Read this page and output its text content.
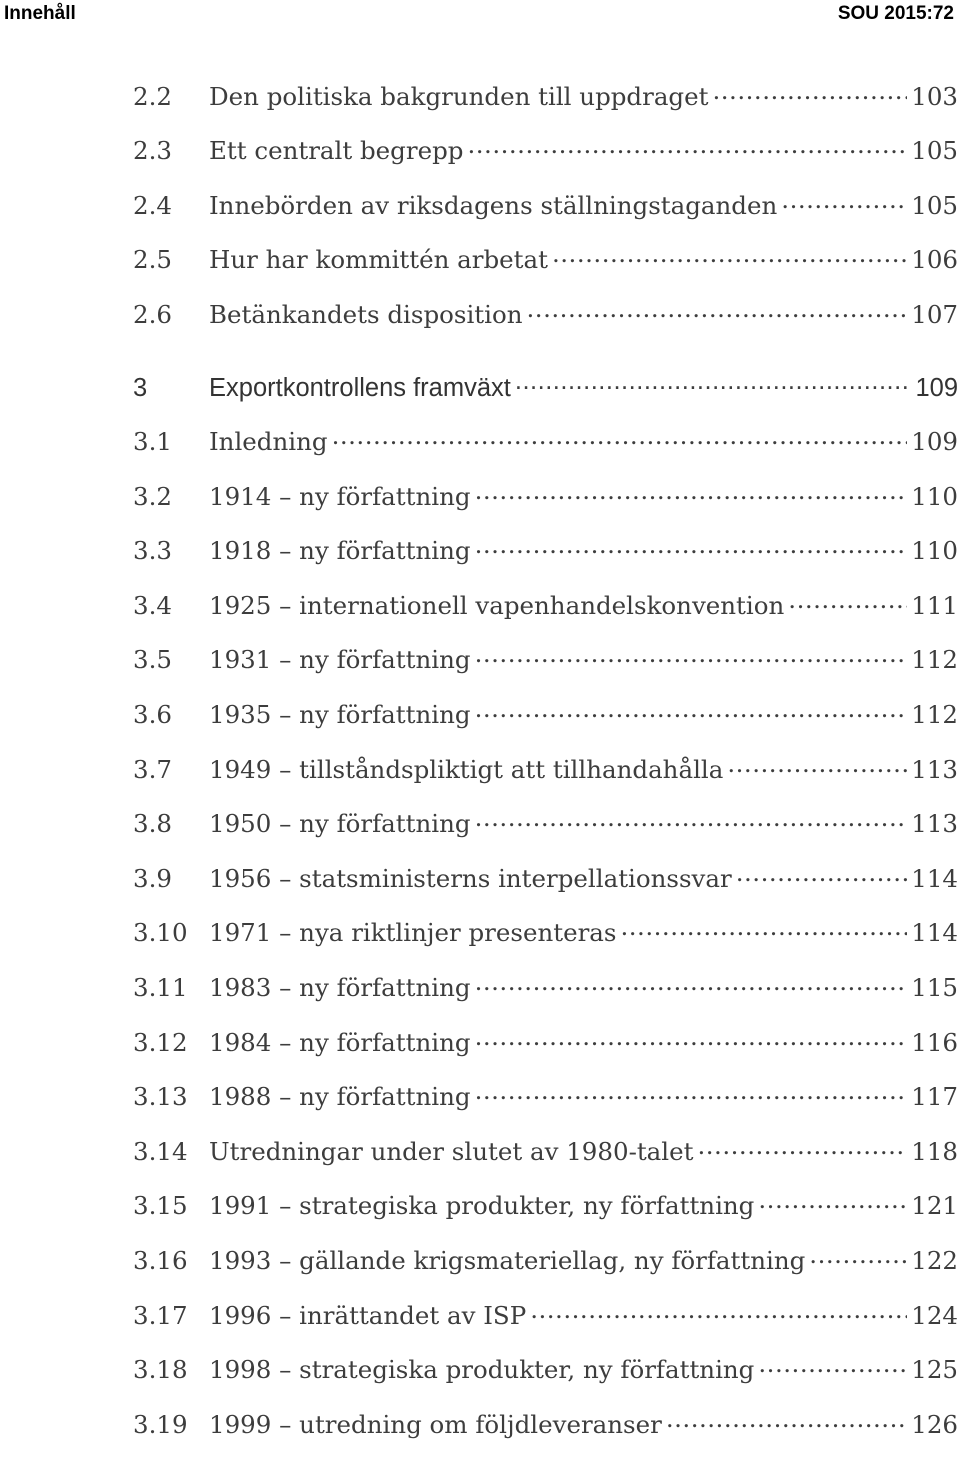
Innehåll	SOU 2015:72
2.2	Den politiska bakgrunden till uppdraget .....	103
2.3	Ett centralt begrepp .....	105
2.4	Innebörden av riksdagens ställningstaganden .....	105
2.5	Hur har kommittén arbetat .....	106
2.6	Betänkandets disposition .....	107
3	Exportkontrollens framväxt .....	109
3.1	Inledning .....	109
3.2	1914 – ny författning .....	110
3.3	1918 – ny författning .....	110
3.4	1925 – internationell vapenhandelskonvention .....	111
3.5	1931 – ny författning .....	112
3.6	1935 – ny författning .....	112
3.7	1949 – tillståndspliktigt att tillhandahålla .....	113
3.8	1950 – ny författning .....	113
3.9	1956 – statsministerns interpellationssvar .....	114
3.10 1971 – nya riktlinjer presenteras .....	114
3.11 1983 – ny författning .....	115
3.12 1984 – ny författning .....	116
3.13 1988 – ny författning .....	117
3.14 Utredningar under slutet av 1980-talet .....	118
3.15 1991 – strategiska produkter, ny författning .....	121
3.16 1993 – gällande krigsmateriellag, ny författning .....	122
3.17 1996 – inrättandet av ISP .....	124
3.18 1998 – strategiska produkter, ny författning .....	125
3.19 1999 – utredning om följdleveranser .....	126
